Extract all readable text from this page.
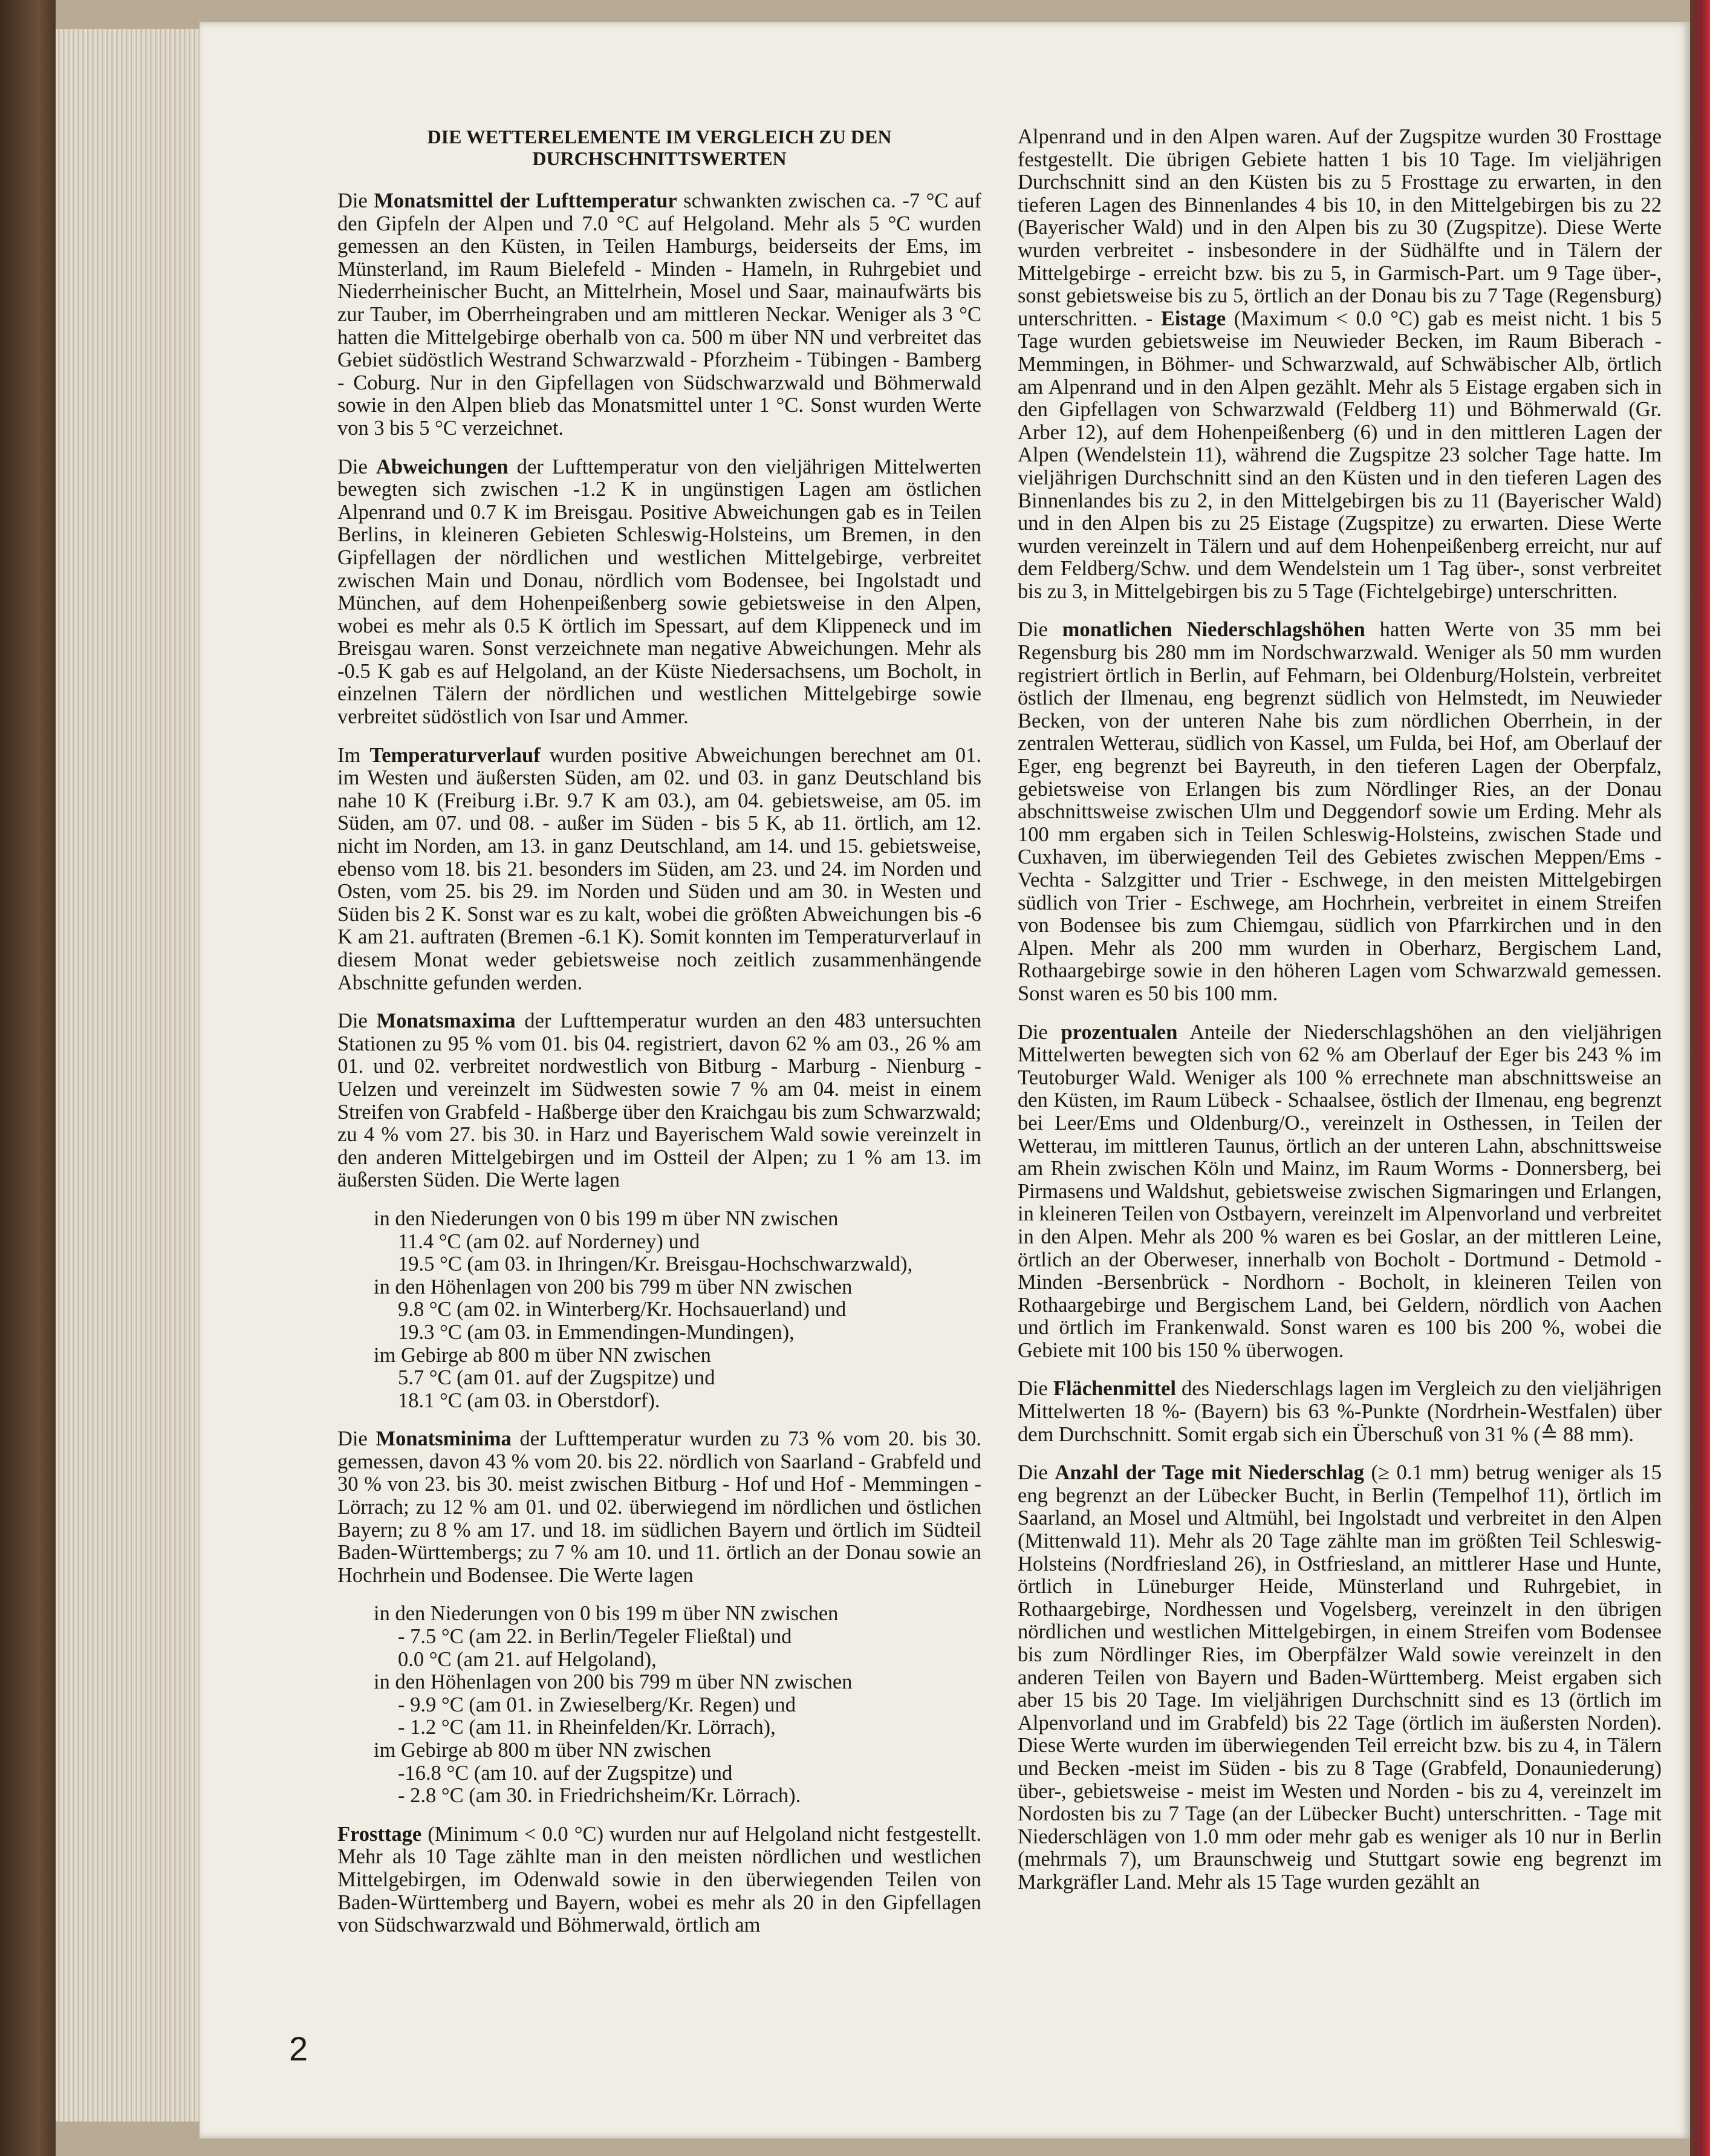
DIE WETTERELEMENTE IM VERGLEICH ZU DEN DURCHSCHNITTSWERTEN

Die Monatsmittel der Lufttemperatur schwankten zwischen ca. -7 °C auf den Gipfeln der Alpen und 7.0 °C auf Helgoland. Mehr als 5 °C wurden gemessen an den Küsten, in Teilen Hamburgs, beiderseits der Ems, im Münsterland, im Raum Bielefeld - Minden - Hameln, in Ruhrgebiet und Niederrheinischer Bucht, an Mittelrhein, Mosel und Saar, mainaufwärts bis zur Tauber, im Oberrheingraben und am mittleren Neckar. Weniger als 3 °C hatten die Mittelgebirge oberhalb von ca. 500 m über NN und verbreitet das Gebiet südöstlich Westrand Schwarzwald - Pforzheim - Tübingen - Bamberg - Coburg. Nur in den Gipfellagen von Südschwarzwald und Böhmerwald sowie in den Alpen blieb das Monatsmittel unter 1 °C. Sonst wurden Werte von 3 bis 5 °C verzeichnet.

Die Abweichungen der Lufttemperatur von den vieljährigen Mittelwerten bewegten sich zwischen -1.2 K in ungünstigen Lagen am östlichen Alpenrand und 0.7 K im Breisgau. Positive Abweichungen gab es in Teilen Berlins, in kleineren Gebieten Schleswig-Holsteins, um Bremen, in den Gipfellagen der nördlichen und westlichen Mittelgebirge, verbreitet zwischen Main und Donau, nördlich vom Bodensee, bei Ingolstadt und München, auf dem Hohenpeißenberg sowie gebietsweise in den Alpen, wobei es mehr als 0.5 K örtlich im Spessart, auf dem Klippeneck und im Breisgau waren. Sonst verzeichnete man negative Abweichungen. Mehr als -0.5 K gab es auf Helgoland, an der Küste Niedersachsens, um Bocholt, in einzelnen Tälern der nördlichen und westlichen Mittelgebirge sowie verbreitet südöstlich von Isar und Ammer.

Im Temperaturverlauf wurden positive Abweichungen berechnet am 01. im Westen und äußersten Süden, am 02. und 03. in ganz Deutschland bis nahe 10 K (Freiburg i.Br. 9.7 K am 03.), am 04. gebietsweise, am 05. im Süden, am 07. und 08. - außer im Süden - bis 5 K, ab 11. örtlich, am 12. nicht im Norden, am 13. in ganz Deutschland, am 14. und 15. gebietsweise, ebenso vom 18. bis 21. besonders im Süden, am 23. und 24. im Norden und Osten, vom 25. bis 29. im Norden und Süden und am 30. in Westen und Süden bis 2 K. Sonst war es zu kalt, wobei die größten Abweichungen bis -6 K am 21. auftraten (Bremen -6.1 K). Somit konnten im Temperaturverlauf in diesem Monat weder gebietsweise noch zeitlich zusammenhängende Abschnitte gefunden werden.

Die Monatsmaxima der Lufttemperatur wurden an den 483 untersuchten Stationen zu 95 % vom 01. bis 04. registriert, davon 62 % am 03., 26 % am 01. und 02. verbreitet nordwestlich von Bitburg - Marburg - Nienburg - Uelzen und vereinzelt im Südwesten sowie 7 % am 04. meist in einem Streifen von Grabfeld - Haßberge über den Kraichgau bis zum Schwarzwald; zu 4 % vom 27. bis 30. in Harz und Bayerischem Wald sowie vereinzelt in den anderen Mittelgebirgen und im Ostteil der Alpen; zu 1 % am 13. im äußersten Süden. Die Werte lagen

in den Niederungen von 0 bis 199 m über NN zwischen
11.4 °C (am 02. auf Norderney) und
19.5 °C (am 03. in Ihringen/Kr. Breisgau-Hochschwarzwald),
in den Höhenlagen von 200 bis 799 m über NN zwischen
9.8 °C (am 02. in Winterberg/Kr. Hochsauerland) und
19.3 °C (am 03. in Emmendingen-Mundingen),
im Gebirge ab 800 m über NN zwischen
5.7 °C (am 01. auf der Zugspitze) und
18.1 °C (am 03. in Oberstdorf).

Die Monatsminima der Lufttemperatur wurden zu 73 % vom 20. bis 30. gemessen, davon 43 % vom 20. bis 22. nördlich von Saarland - Grabfeld und 30 % von 23. bis 30. meist zwischen Bitburg - Hof und Hof - Memmingen - Lörrach; zu 12 % am 01. und 02. überwiegend im nördlichen und östlichen Bayern; zu 8 % am 17. und 18. im südlichen Bayern und örtlich im Südteil Baden-Württembergs; zu 7 % am 10. und 11. örtlich an der Donau sowie an Hochrhein und Bodensee. Die Werte lagen

in den Niederungen von 0 bis 199 m über NN zwischen
- 7.5 °C (am 22. in Berlin/Tegeler Fließtal) und
0.0 °C (am 21. auf Helgoland),
in den Höhenlagen von 200 bis 799 m über NN zwischen
- 9.9 °C (am 01. in Zwieselberg/Kr. Regen) und
- 1.2 °C (am 11. in Rheinfelden/Kr. Lörrach),
im Gebirge ab 800 m über NN zwischen
-16.8 °C (am 10. auf der Zugspitze) und
- 2.8 °C (am 30. in Friedrichsheim/Kr. Lörrach).

Frosttage (Minimum < 0.0 °C) wurden nur auf Helgoland nicht festgestellt. Mehr als 10 Tage zählte man in den meisten nördlichen und westlichen Mittelgebirgen, im Odenwald sowie in den überwiegenden Teilen von Baden-Württemberg und Bayern, wobei es mehr als 20 in den Gipfellagen von Südschwarzwald und Böhmerwald, örtlich am

Alpenrand und in den Alpen waren. Auf der Zugspitze wurden 30 Frosttage festgestellt. Die übrigen Gebiete hatten 1 bis 10 Tage. Im vieljährigen Durchschnitt sind an den Küsten bis zu 5 Frosttage zu erwarten, in den tieferen Lagen des Binnenlandes 4 bis 10, in den Mittelgebirgen bis zu 22 (Bayerischer Wald) und in den Alpen bis zu 30 (Zugspitze). Diese Werte wurden verbreitet - insbesondere in der Südhälfte und in Tälern der Mittelgebirge - erreicht bzw. bis zu 5, in Garmisch-Part. um 9 Tage über-, sonst gebietsweise bis zu 5, örtlich an der Donau bis zu 7 Tage (Regensburg) unterschritten. - Eistage (Maximum < 0.0 °C) gab es meist nicht. 1 bis 5 Tage wurden gebietsweise im Neuwieder Becken, im Raum Biberach - Memmingen, in Böhmer- und Schwarzwald, auf Schwäbischer Alb, örtlich am Alpenrand und in den Alpen gezählt. Mehr als 5 Eistage ergaben sich in den Gipfellagen von Schwarzwald (Feldberg 11) und Böhmerwald (Gr. Arber 12), auf dem Hohenpeißenberg (6) und in den mittleren Lagen der Alpen (Wendelstein 11), während die Zugspitze 23 solcher Tage hatte. Im vieljährigen Durchschnitt sind an den Küsten und in den tieferen Lagen des Binnenlandes bis zu 2, in den Mittelgebirgen bis zu 11 (Bayerischer Wald) und in den Alpen bis zu 25 Eistage (Zugspitze) zu erwarten. Diese Werte wurden vereinzelt in Tälern und auf dem Hohenpeißenberg erreicht, nur auf dem Feldberg/Schw. und dem Wendelstein um 1 Tag über-, sonst verbreitet bis zu 3, in Mittelgebirgen bis zu 5 Tage (Fichtelgebirge) unterschritten.

Die monatlichen Niederschlagshöhen hatten Werte von 35 mm bei Regensburg bis 280 mm im Nordschwarzwald. Weniger als 50 mm wurden registriert örtlich in Berlin, auf Fehmarn, bei Oldenburg/Holstein, verbreitet östlich der Ilmenau, eng begrenzt südlich von Helmstedt, im Neuwieder Becken, von der unteren Nahe bis zum nördlichen Oberrhein, in der zentralen Wetterau, südlich von Kassel, um Fulda, bei Hof, am Oberlauf der Eger, eng begrenzt bei Bayreuth, in den tieferen Lagen der Oberpfalz, gebietsweise von Erlangen bis zum Nördlinger Ries, an der Donau abschnittsweise zwischen Ulm und Deggendorf sowie um Erding. Mehr als 100 mm ergaben sich in Teilen Schleswig-Holsteins, zwischen Stade und Cuxhaven, im überwiegenden Teil des Gebietes zwischen Meppen/Ems - Vechta - Salzgitter und Trier - Eschwege, in den meisten Mittelgebirgen südlich von Trier - Eschwege, am Hochrhein, verbreitet in einem Streifen von Bodensee bis zum Chiemgau, südlich von Pfarrkirchen und in den Alpen. Mehr als 200 mm wurden in Oberharz, Bergischem Land, Rothaargebirge sowie in den höheren Lagen vom Schwarzwald gemessen. Sonst waren es 50 bis 100 mm.

Die prozentualen Anteile der Niederschlagshöhen an den vieljährigen Mittelwerten bewegten sich von 62 % am Oberlauf der Eger bis 243 % im Teutoburger Wald. Weniger als 100 % errechnete man abschnittsweise an den Küsten, im Raum Lübeck - Schaalsee, östlich der Ilmenau, eng begrenzt bei Leer/Ems und Oldenburg/O., vereinzelt in Osthessen, in Teilen der Wetterau, im mittleren Taunus, örtlich an der unteren Lahn, abschnittsweise am Rhein zwischen Köln und Mainz, im Raum Worms - Donnersberg, bei Pirmasens und Waldshut, gebietsweise zwischen Sigmaringen und Erlangen, in kleineren Teilen von Ostbayern, vereinzelt im Alpenvorland und verbreitet in den Alpen. Mehr als 200 % waren es bei Goslar, an der mittleren Leine, örtlich an der Oberweser, innerhalb von Bocholt - Dortmund - Detmold - Minden -Bersenbrück - Nordhorn - Bocholt, in kleineren Teilen von Rothaargebirge und Bergischem Land, bei Geldern, nördlich von Aachen und örtlich im Frankenwald. Sonst waren es 100 bis 200 %, wobei die Gebiete mit 100 bis 150 % überwogen.

Die Flächenmittel des Niederschlags lagen im Vergleich zu den vieljährigen Mittelwerten 18 %- (Bayern) bis 63 %-Punkte (Nordrhein-Westfalen) über dem Durchschnitt. Somit ergab sich ein Überschuß von 31 % (≙ 88 mm).

Die Anzahl der Tage mit Niederschlag (≥ 0.1 mm) betrug weniger als 15 eng begrenzt an der Lübecker Bucht, in Berlin (Tempelhof 11), örtlich im Saarland, an Mosel und Altmühl, bei Ingolstadt und verbreitet in den Alpen (Mittenwald 11). Mehr als 20 Tage zählte man im größten Teil Schleswig-Holsteins (Nordfriesland 26), in Ostfriesland, an mittlerer Hase und Hunte, örtlich in Lüneburger Heide, Münsterland und Ruhrgebiet, in Rothaargebirge, Nordhessen und Vogelsberg, vereinzelt in den übrigen nördlichen und westlichen Mittelgebirgen, in einem Streifen vom Bodensee bis zum Nördlinger Ries, im Oberpfälzer Wald sowie vereinzelt in den anderen Teilen von Bayern und Baden-Württemberg. Meist ergaben sich aber 15 bis 20 Tage. Im vieljährigen Durchschnitt sind es 13 (örtlich im Alpenvorland und im Grabfeld) bis 22 Tage (örtlich im äußersten Norden). Diese Werte wurden im überwiegenden Teil erreicht bzw. bis zu 4, in Tälern und Becken -meist im Süden - bis zu 8 Tage (Grabfeld, Donauniederung) über-, gebietsweise - meist im Westen und Norden - bis zu 4, vereinzelt im Nordosten bis zu 7 Tage (an der Lübecker Bucht) unterschritten. - Tage mit Niederschlägen von 1.0 mm oder mehr gab es weniger als 10 nur in Berlin (mehrmals 7), um Braunschweig und Stuttgart sowie eng begrenzt im Markgräfler Land. Mehr als 15 Tage wurden gezählt an

2
